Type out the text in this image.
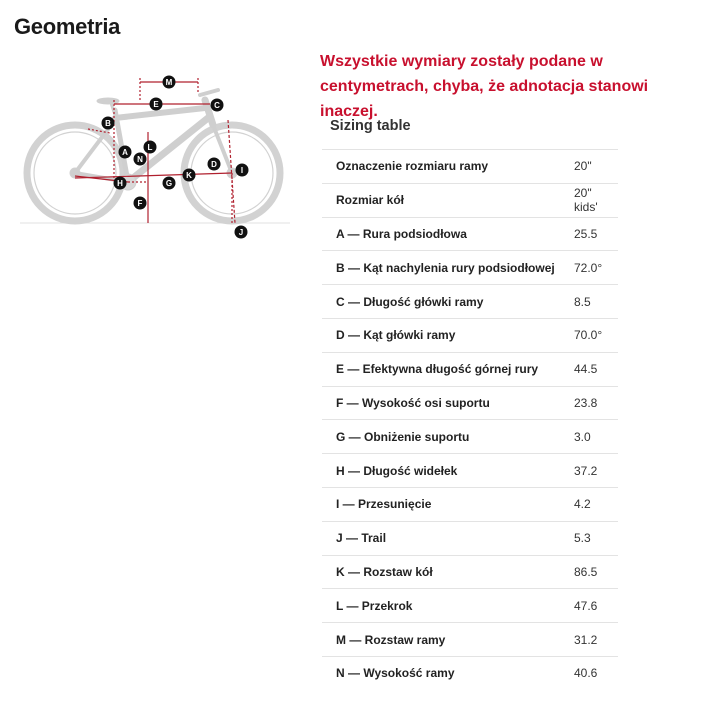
Geometria
M
E	C
B
A
L
N
D
I
K
H	G
F
J
Wszystkie wymiary zostały podane w centymetrach, chyba, że adnotacja stanowi inaczej.
Sizing table
Oznaczenie rozmiaru ramy	20"
Rozmiar kół	20" kids'
A — Rura podsiodłowa	25.5
B — Kąt nachylenia rury podsiodłowej	72.0°
C — Długość główki ramy	8.5
D — Kąt główki ramy	70.0°
E — Efektywna długość górnej rury	44.5
F — Wysokość osi suportu	23.8
G — Obniżenie suportu	3.0
H — Długość widełek	37.2
I — Przesunięcie	4.2
J — Trail	5.3
K — Rozstaw kół	86.5
L — Przekrok	47.6
M — Rozstaw ramy	31.2
N — Wysokość ramy	40.6
